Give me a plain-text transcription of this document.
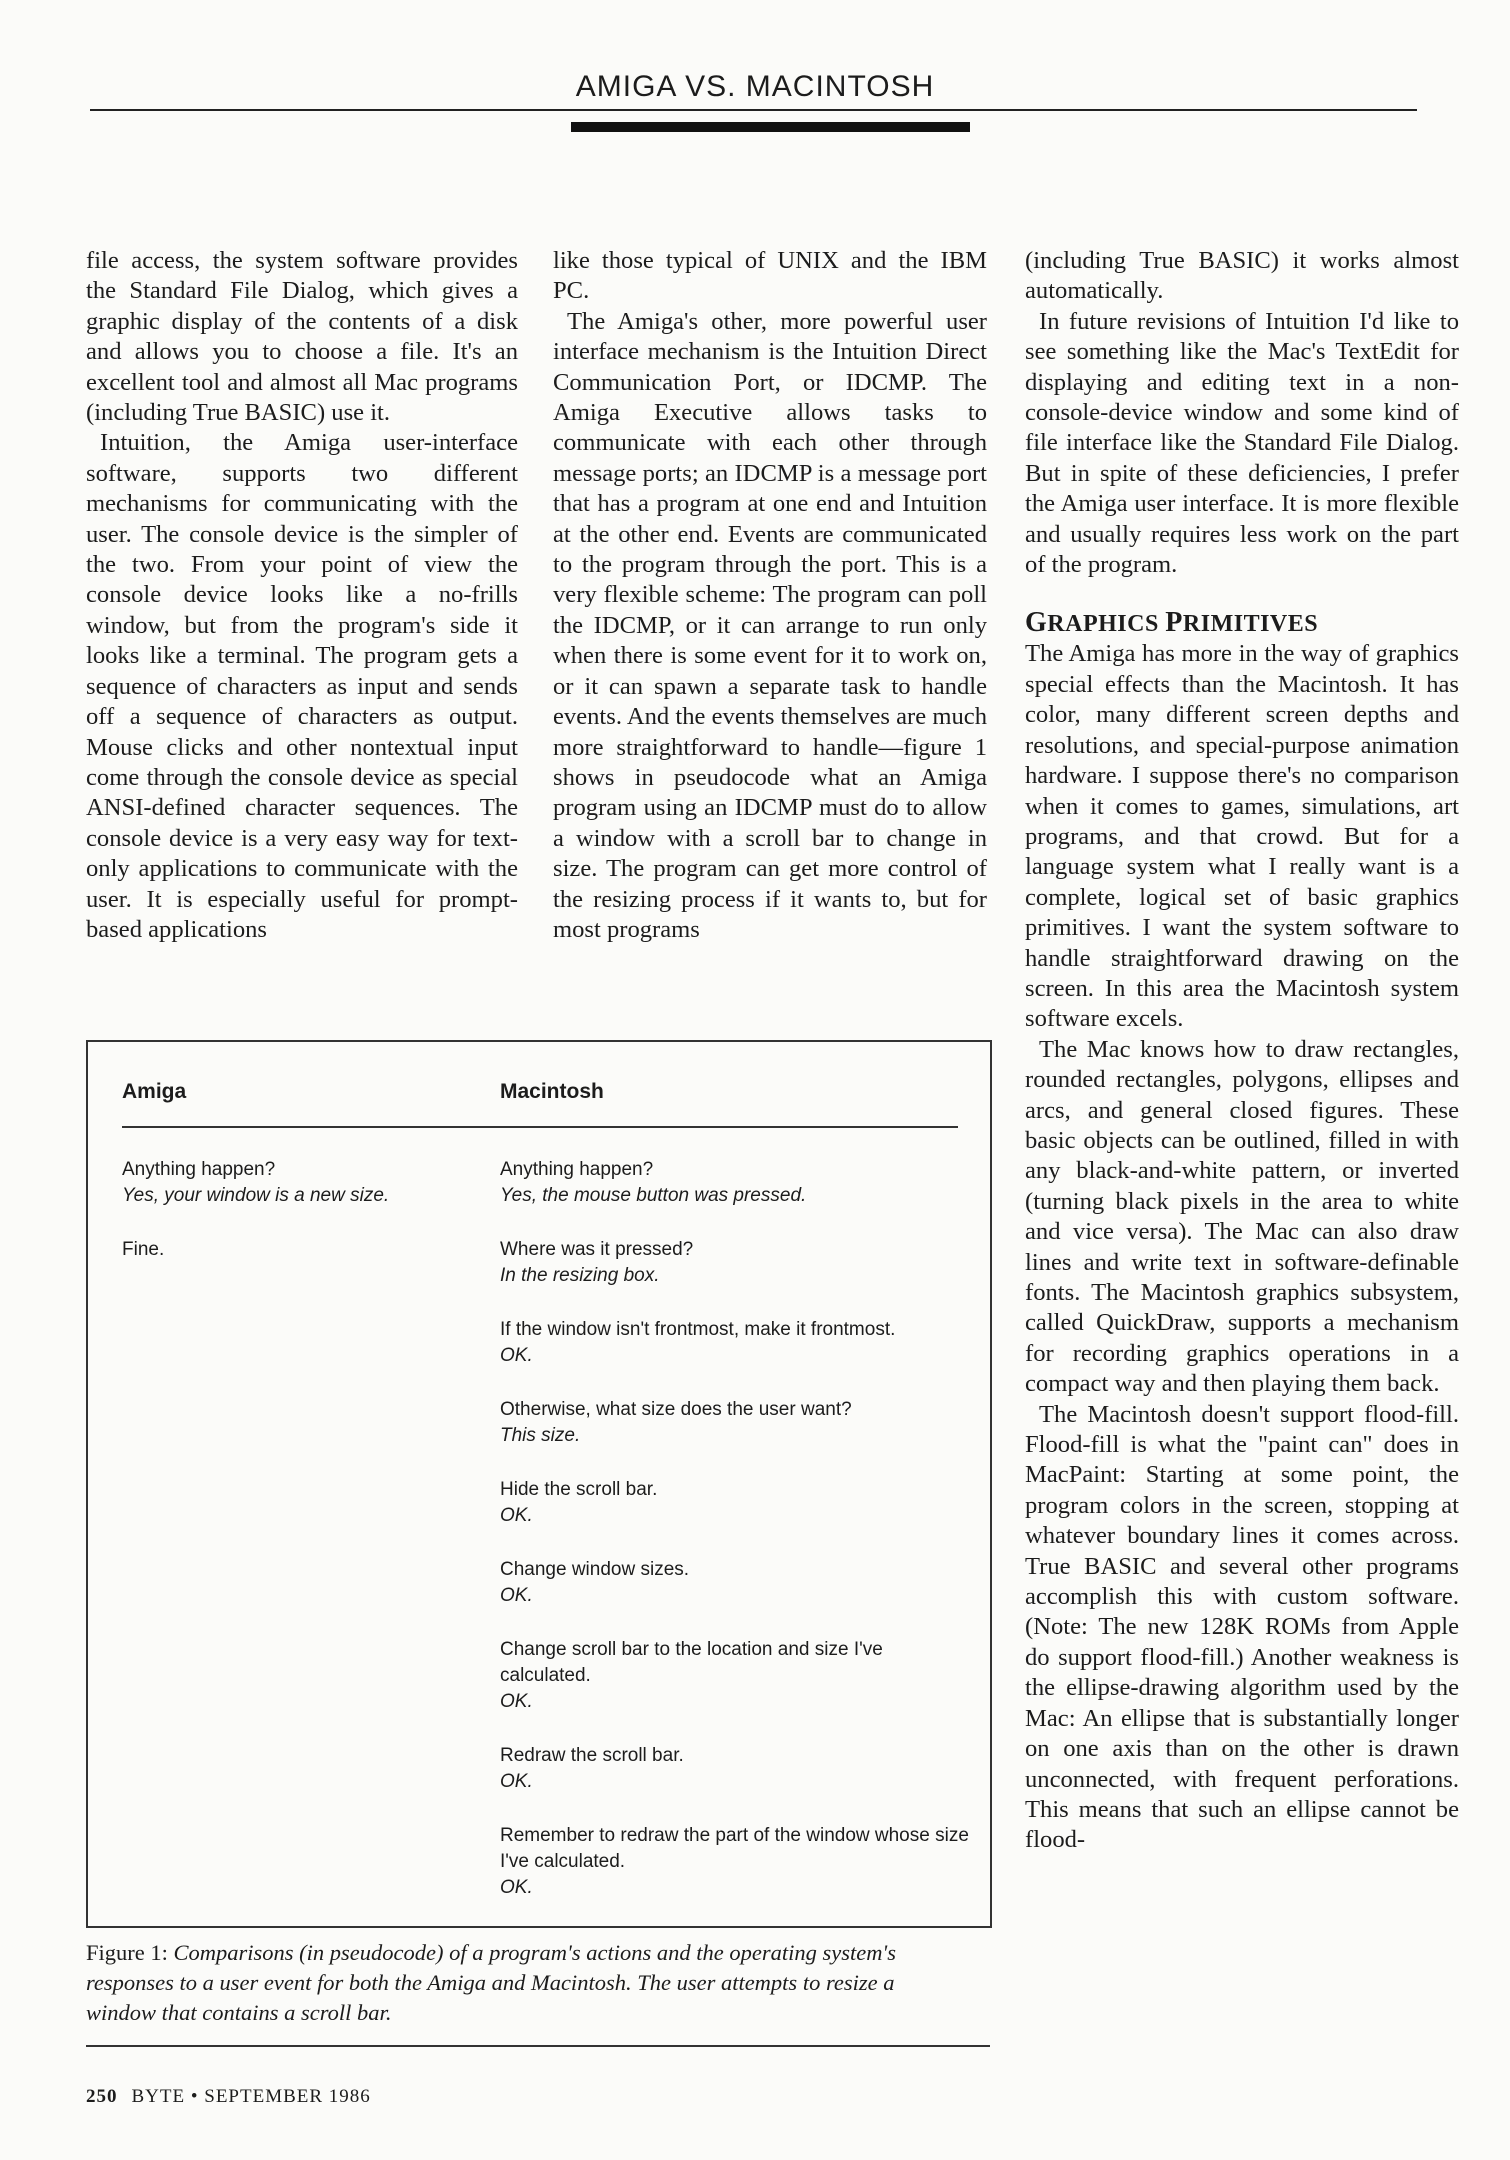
AMIGA VS. MACINTOSH

file access, the system software provides the Standard File Dialog, which gives a graphic display of the contents of a disk and allows you to choose a file. It's an excellent tool and almost all Mac programs (including True BASIC) use it.

Intuition, the Amiga user-interface software, supports two different mechanisms for communicating with the user. The console device is the simpler of the two. From your point of view the console device looks like a no-frills window, but from the program's side it looks like a terminal. The program gets a sequence of characters as input and sends off a sequence of characters as output. Mouse clicks and other nontextual input come through the console device as special ANSI-defined character sequences. The console device is a very easy way for text-only applications to communicate with the user. It is especially useful for prompt-based applications

like those typical of UNIX and the IBM PC.

The Amiga's other, more powerful user interface mechanism is the Intuition Direct Communication Port, or IDCMP. The Amiga Executive allows tasks to communicate with each other through message ports; an IDCMP is a message port that has a program at one end and Intuition at the other end. Events are communicated to the program through the port. This is a very flexible scheme: The program can poll the IDCMP, or it can arrange to run only when there is some event for it to work on, or it can spawn a separate task to handle events. And the events themselves are much more straightforward to handle—figure 1 shows in pseudocode what an Amiga program using an IDCMP must do to allow a window with a scroll bar to change in size. The program can get more control of the resizing process if it wants to, but for most programs

(including True BASIC) it works almost automatically.

In future revisions of Intuition I'd like to see something like the Mac's TextEdit for displaying and editing text in a non-console-device window and some kind of file interface like the Standard File Dialog. But in spite of these deficiencies, I prefer the Amiga user interface. It is more flexible and usually requires less work on the part of the program.

GRAPHICS PRIMITIVES

The Amiga has more in the way of graphics special effects than the Macintosh. It has color, many different screen depths and resolutions, and special-purpose animation hardware. I suppose there's no comparison when it comes to games, simulations, art programs, and that crowd. But for a language system what I really want is a complete, logical set of basic graphics primitives. I want the system software to handle straightforward drawing on the screen. In this area the Macintosh system software excels.

The Mac knows how to draw rectangles, rounded rectangles, polygons, ellipses and arcs, and general closed figures. These basic objects can be outlined, filled in with any black-and-white pattern, or inverted (turning black pixels in the area to white and vice versa). The Mac can also draw lines and write text in software-definable fonts. The Macintosh graphics subsystem, called QuickDraw, supports a mechanism for recording graphics operations in a compact way and then playing them back.

The Macintosh doesn't support flood-fill. Flood-fill is what the "paint can" does in MacPaint: Starting at some point, the program colors in the screen, stopping at whatever boundary lines it comes across. True BASIC and several other programs accomplish this with custom software. (Note: The new 128K ROMs from Apple do support flood-fill.) Another weakness is the ellipse-drawing algorithm used by the Mac: An ellipse that is substantially longer on one axis than on the other is drawn unconnected, with frequent perforations. This means that such an ellipse cannot be flood-

Amiga	Macintosh
Anything happen?
Yes, your window is a new size.
Fine.
Anything happen?
Yes, the mouse button was pressed.
Where was it pressed?
In the resizing box.
If the window isn't frontmost, make it frontmost.
OK.
Otherwise, what size does the user want?
This size.
Hide the scroll bar.
OK.
Change window sizes.
OK.
Change scroll bar to the location and size I've calculated.
OK.
Redraw the scroll bar.
OK.
Remember to redraw the part of the window whose size I've calculated.
OK.
Figure 1: Comparisons (in pseudocode) of a program's actions and the operating system's responses to a user event for both the Amiga and Macintosh. The user attempts to resize a window that contains a scroll bar.
250 BYTE • SEPTEMBER 1986
